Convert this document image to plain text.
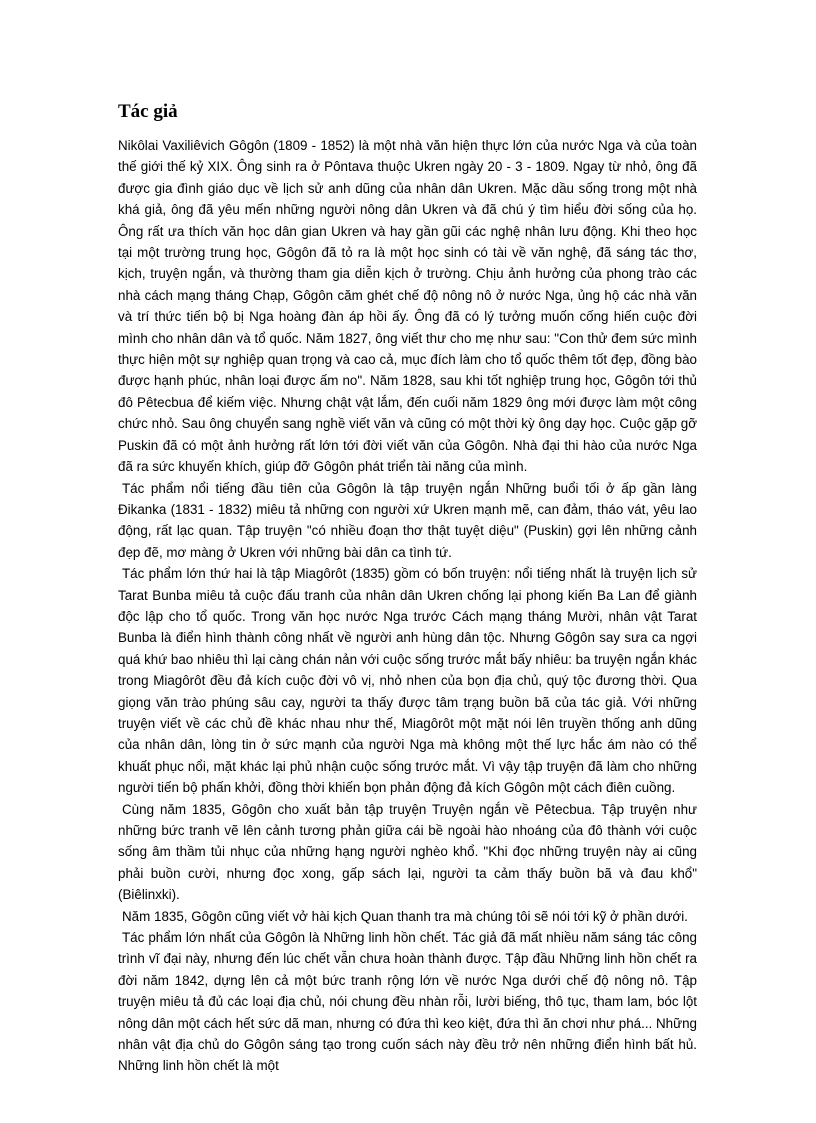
Tác giả

Nikôlai Vaxiliêvich Gôgôn (1809 - 1852) là một nhà văn hiện thực lớn của nước Nga và của toàn thế giới thế kỷ XIX. Ông sinh ra ở Pôntava thuộc Ukren ngày 20 - 3 - 1809. Ngay từ nhỏ, ông đã được gia đình giáo dục về lịch sử anh dũng của nhân dân Ukren. Mặc dầu sống trong một nhà khá giả, ông đã yêu mến những người nông dân Ukren và đã chú ý tìm hiểu đời sống của họ. Ông rất ưa thích văn học dân gian Ukren và hay gần gũi các nghệ nhân lưu động. Khi theo học tại một trường trung học, Gôgôn đã tỏ ra là một học sinh có tài về văn nghệ, đã sáng tác thơ, kịch, truyện ngắn, và thường tham gia diễn kịch ở trường. Chịu ảnh hưởng của phong trào các nhà cách mạng tháng Chạp, Gôgôn căm ghét chế độ nông nô ở nước Nga, ủng hộ các nhà văn và trí thức tiến bộ bị Nga hoàng đàn áp hồi ấy. Ông đã có lý tưởng muốn cống hiến cuộc đời mình cho nhân dân và tổ quốc. Năm 1827, ông viết thư cho mẹ như sau: "Con thử đem sức mình thực hiện một sự nghiệp quan trọng và cao cả, mục đích làm cho tổ quốc thêm tốt đẹp, đồng bào được hạnh phúc, nhân loại được ấm no". Năm 1828, sau khi tốt nghiệp trung học, Gôgôn tới thủ đô Pêtecbua để kiếm việc. Nhưng chật vật lắm, đến cuối năm 1829 ông mới được làm một công chức nhỏ. Sau ông chuyển sang nghề viết văn và cũng có một thời kỳ ông dạy học. Cuộc gặp gỡ Puskin đã có một ảnh hưởng rất lớn tới đời viết văn của Gôgôn. Nhà đại thi hào của nước Nga đã ra sức khuyến khích, giúp đỡ Gôgôn phát triển tài năng của mình.

Tác phẩm nổi tiếng đầu tiên của Gôgôn là tập truyện ngắn Những buổi tối ở ấp gần làng Đikanka (1831 - 1832) miêu tả những con người xứ Ukren mạnh mẽ, can đảm, tháo vát, yêu lao động, rất lạc quan. Tập truyện "có nhiều đoạn thơ thật tuyệt diệu" (Puskin) gợi lên những cảnh đẹp đẽ, mơ màng ở Ukren với những bài dân ca tình tứ.

Tác phẩm lớn thứ hai là tập Miagôrôt (1835) gồm có bốn truyện: nổi tiếng nhất là truyện lịch sử Tarat Bunba miêu tả cuộc đấu tranh của nhân dân Ukren chống lại phong kiến Ba Lan để giành độc lập cho tổ quốc. Trong văn học nước Nga trước Cách mạng tháng Mười, nhân vật Tarat Bunba là điển hình thành công nhất về người anh hùng dân tộc. Nhưng Gôgôn say sưa ca ngợi quá khứ bao nhiêu thì lại càng chán nản với cuộc sống trước mắt bấy nhiêu: ba truyện ngắn khác trong Miagôrôt đều đả kích cuộc đời vô vị, nhỏ nhen của bọn địa chủ, quý tộc đương thời. Qua giọng văn trào phúng sâu cay, người ta thấy được tâm trạng buồn bã của tác giả. Với những truyện viết về các chủ đề khác nhau như thế, Miagôrôt một mặt nói lên truyền thống anh dũng của nhân dân, lòng tin ở sức mạnh của người Nga mà không một thế lực hắc ám nào có thể khuất phục nổi, mặt khác lại phủ nhận cuộc sống trước mắt. Vì vậy tập truyện đã làm cho những người tiến bộ phấn khởi, đồng thời khiến bọn phản động đả kích Gôgôn một cách điên cuồng.

Cùng năm 1835, Gôgôn cho xuất bản tập truyện Truyện ngắn về Pêtecbua. Tập truyện như những bức tranh vẽ lên cảnh tương phản giữa cái bề ngoài hào nhoáng của đô thành với cuộc sống âm thầm tủi nhục của những hạng người nghèo khổ. "Khi đọc những truyện này ai cũng phải buồn cười, nhưng đọc xong, gấp sách lại, người ta cảm thấy buồn bã và đau khổ" (Biêlinxki).

Năm 1835, Gôgôn cũng viết vở hài kịch Quan thanh tra mà chúng tôi sẽ nói tới kỹ ở phần dưới.

Tác phẩm lớn nhất của Gôgôn là Những linh hồn chết. Tác giả đã mất nhiều năm sáng tác công trình vĩ đại này, nhưng đến lúc chết vẫn chưa hoàn thành được. Tập đầu Những linh hồn chết ra đời năm 1842, dựng lên cả một bức tranh rộng lớn về nước Nga dưới chế độ nông nô. Tập truyện miêu tả đủ các loại địa chủ, nói chung đều nhàn rỗi, lười biếng, thô tục, tham lam, bóc lột nông dân một cách hết sức dã man, nhưng có đứa thì keo kiệt, đứa thì ăn chơi như phá... Những nhân vật địa chủ do Gôgôn sáng tạo trong cuốn sách này đều trở nên những điển hình bất hủ. Những linh hồn chết là một
